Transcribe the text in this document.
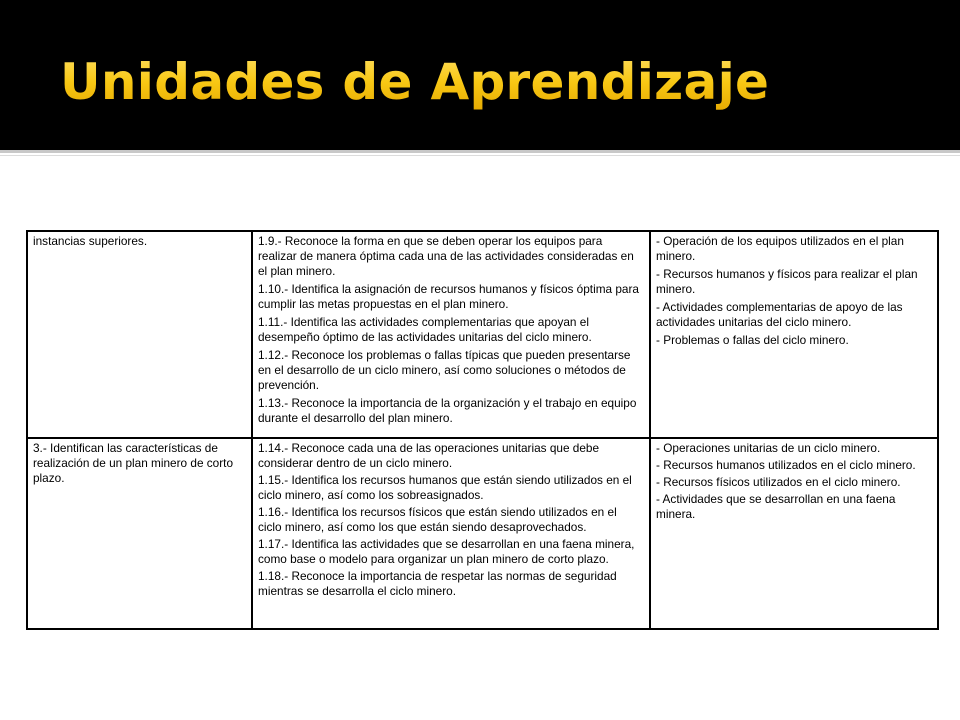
Unidades de Aprendizaje

instancias superiores.	1.9.- Reconoce la forma en que se deben operar los equipos para realizar de manera óptima cada una de las actividades consideradas en el plan minero.

1.10.- Identifica la asignación de recursos humanos y físicos óptima para cumplir las metas propuestas en el plan minero.

1.11.- Identifica las actividades complementarias que apoyan el desempeño óptimo de las actividades unitarias del ciclo minero.

1.12.- Reconoce los problemas o fallas típicas que pueden presentarse en el desarrollo de un ciclo minero, así como soluciones o métodos de prevención.

1.13.- Reconoce la importancia de la organización y el trabajo en equipo durante el desarrollo del plan minero.

- Operación de los equipos utilizados en el plan minero.

- Recursos humanos y físicos para realizar el plan minero.

- Actividades complementarias de apoyo de las actividades unitarias del ciclo minero.

- Problemas o fallas del ciclo minero.

3.- Identifican las características de realización de un plan minero de corto plazo.

1.14.- Reconoce cada una de las operaciones unitarias que debe considerar dentro de un ciclo minero.

1.15.- Identifica los recursos humanos que están siendo utilizados en el ciclo minero, así como los sobreasignados.

1.16.- Identifica los recursos físicos que están siendo utilizados en el ciclo minero, así como los que están siendo desaprovechados.

1.17.- Identifica las actividades que se desarrollan en una faena minera, como base o modelo para organizar un plan minero de corto plazo.

1.18.- Reconoce la importancia de respetar las normas de seguridad mientras se desarrolla el ciclo minero.

- Operaciones unitarias de un ciclo minero.

- Recursos humanos utilizados en el ciclo minero.

- Recursos físicos utilizados en el ciclo minero.

- Actividades que se desarrollan en una faena minera.
